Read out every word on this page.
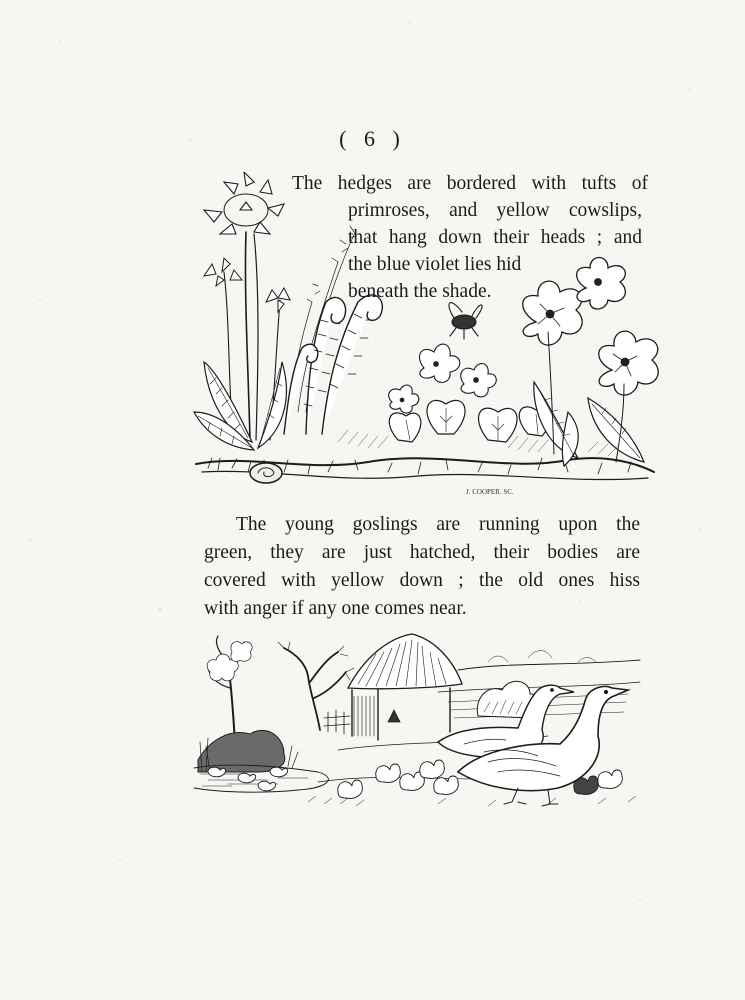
( 6 )
J. COOPER. SC.
The hedges are bordered with tufts of
primroses, and yellow cowslips,
that hang down their heads ; and
the blue violet lies hid
beneath the shade.
The young goslings are running upon the
green, they are just hatched, their bodies are
covered with yellow down ; the old ones hiss
with anger if any one comes near.
